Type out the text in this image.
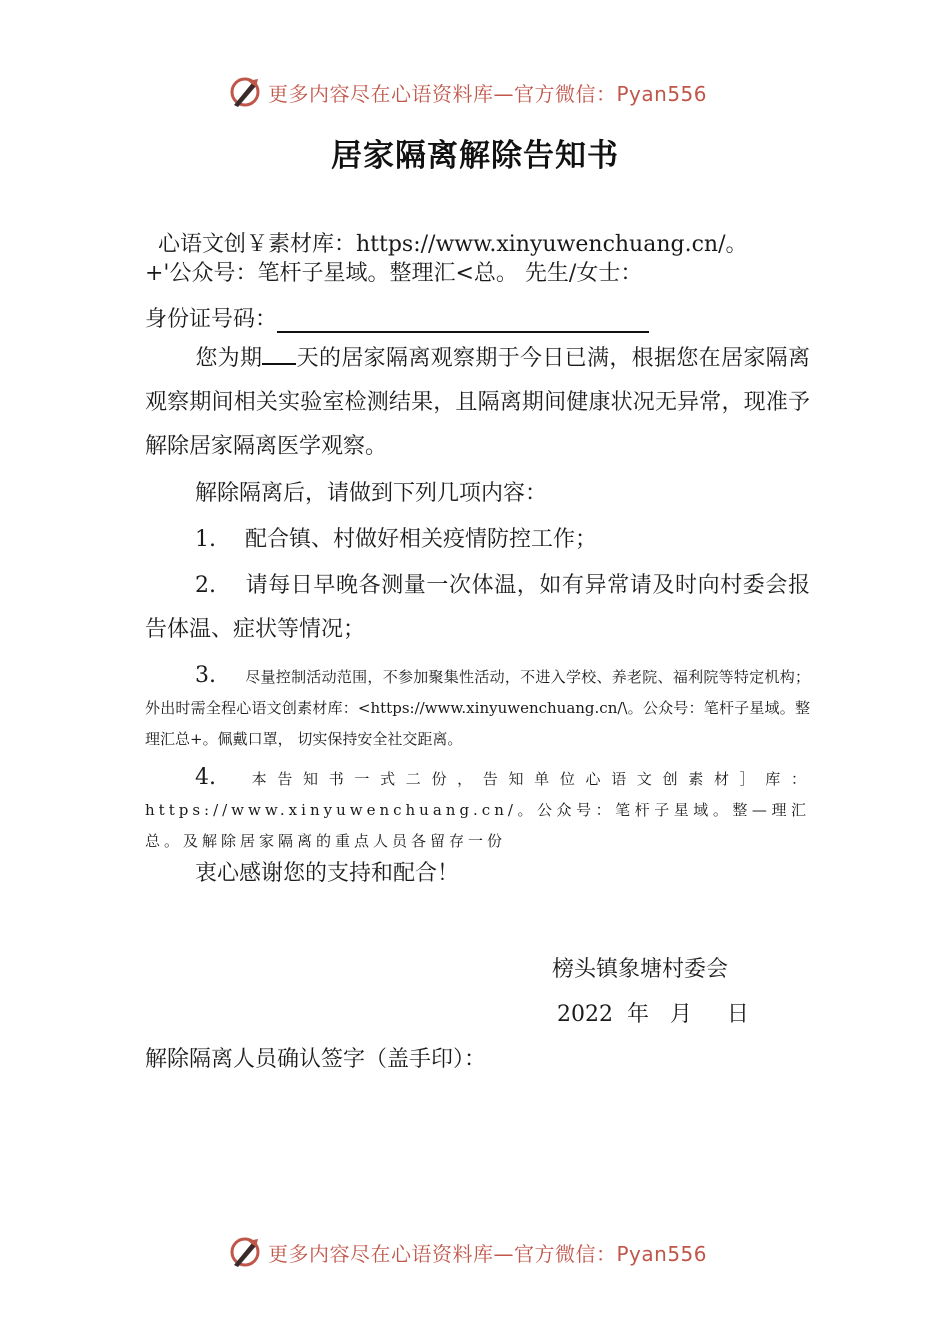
更多内容尽在心语资料库—官方微信：Pyan556
居家隔离解除告知书
心语文创￥素材库：https://www.xinyuwenchuang.cn/。
+'公众号：笔杆子星域。整理汇<总。 先生/女士：
身份证号码：
您为期 天的居家隔离观察期于今日已满，根据您在居家隔离观察期间相关实验室检测结果，且隔离期间健康状况无异常，现准予解除居家隔离医学观察。
解除隔离后，请做到下列几项内容：
1. 配合镇、村做好相关疫情防控工作；
2. 请每日早晚各测量一次体温，如有异常请及时向村委会报告体温、症状等情况；
3. 尽量控制活动范围，不参加聚集性活动，不进入学校、养老院、福利院等特定机构；外出时需全程心语文创素材库：<https://www.xinyuwenchuang.cn/\。公众号：笔杆子星域。整理汇总+。佩戴口罩， 切实保持安全社交距离。
4. 本告知书一式二份，告知单位心语文创素材］库：https://www.xinyuwenchuang.cn/。公众号：笔杆子星域。整—理汇总。及解除居家隔离的重点人员各留存一份
衷心感谢您的支持和配合！
榜头镇象塘村委会
2022  年   月     日
解除隔离人员确认签字（盖手印）：
更多内容尽在心语资料库—官方微信：Pyan556
